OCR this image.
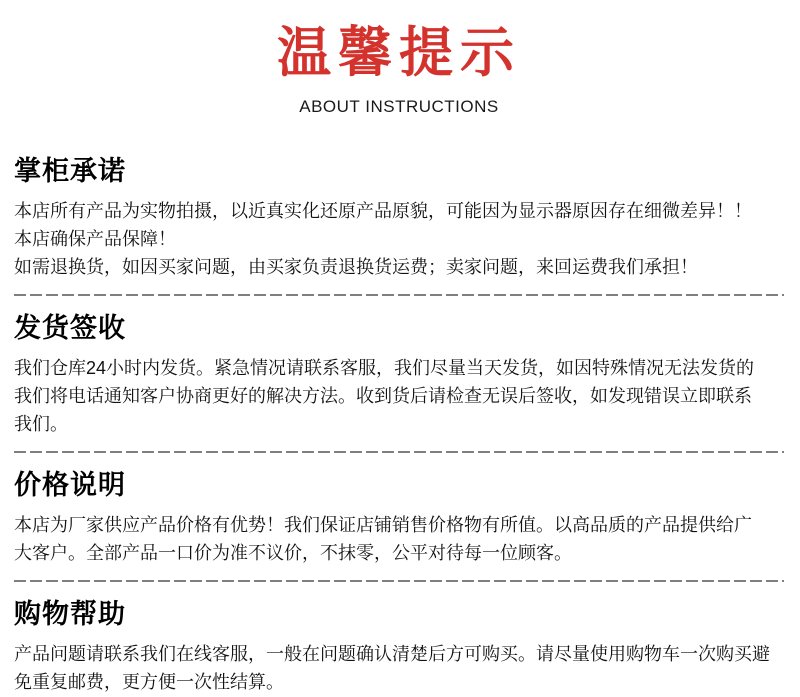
温馨提示
ABOUT INSTRUCTIONS
掌柜承诺

本店所有产品为实物拍摄，以近真实化还原产品原貌，可能因为显示器原因存在细微差异！！

本店确保产品保障！

如需退换货，如因买家问题，由买家负责退换货运费；卖家问题，来回运费我们承担！

发货签收

我们仓库24小时内发货。紧急情况请联系客服，我们尽量当天发货，如因特殊情况无法发货的

我们将电话通知客户协商更好的解决方法。收到货后请检查无误后签收，如发现错误立即联系

我们。

价格说明

本店为厂家供应产品价格有优势！我们保证店铺销售价格物有所值。以高品质的产品提供给广

大客户。全部产品一口价为准不议价，不抹零，公平对待每一位顾客。

购物帮助

产品问题请联系我们在线客服，一般在问题确认清楚后方可购买。请尽量使用购物车一次购买避

免重复邮费，更方便一次性结算。
